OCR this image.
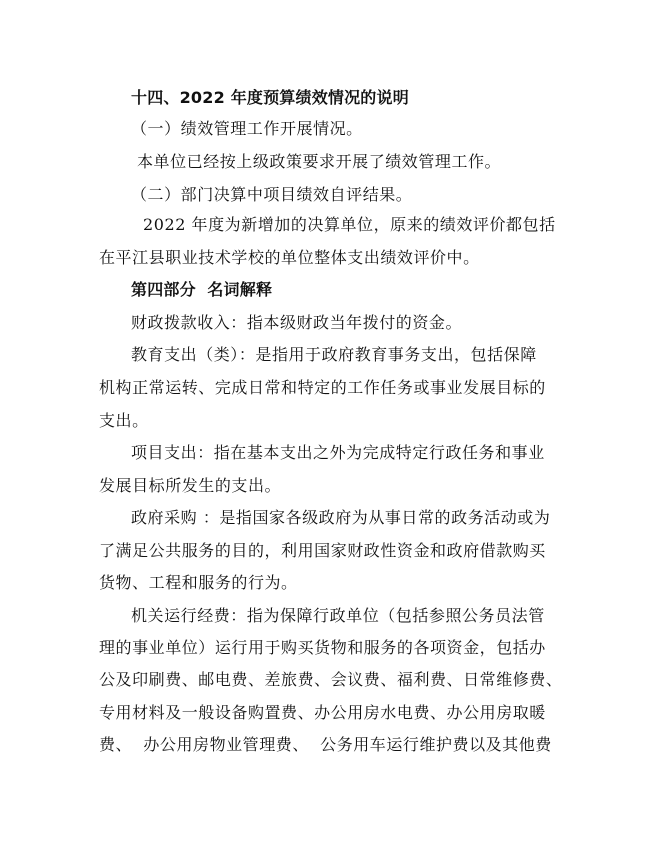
十四、2022 年度预算绩效情况的说明
（一）绩效管理工作开展情况。
本单位已经按上级政策要求开展了绩效管理工作。
（二）部门决算中项目绩效自评结果。
2022 年度为新增加的决算单位，原来的绩效评价都包括
在平江县职业技术学校的单位整体支出绩效评价中。
第四部分  名词解释
财政拨款收入：指本级财政当年拨付的资金。
教育支出（类）：是指用于政府教育事务支出，包括保障
机构正常运转、完成日常和特定的工作任务或事业发展目标的
支出。
项目支出：指在基本支出之外为完成特定行政任务和事业
发展目标所发生的支出。
政府采购 ：是指国家各级政府为从事日常的政务活动或为
了满足公共服务的目的，利用国家财政性资金和政府借款购买
货物、工程和服务的行为。
机关运行经费：指为保障行政单位（包括参照公务员法管
理的事业单位）运行用于购买货物和服务的各项资金，包括办
公及印刷费、邮电费、差旅费、会议费、福利费、日常维修费、
专用材料及一般设备购置费、办公用房水电费、办公用房取暖
费、  办公用房物业管理费、  公务用车运行维护费以及其他费
